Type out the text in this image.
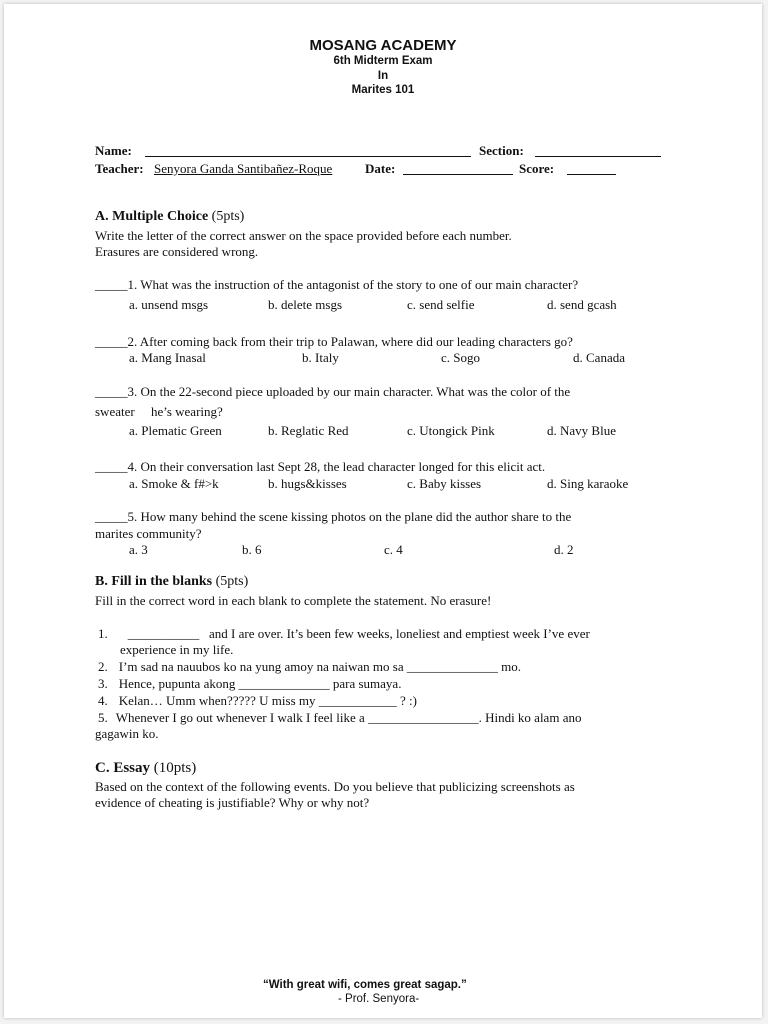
MOSANG ACADEMY
6th Midterm Exam
In
Marites 101
Name:	Section:
Teacher: Senyora Ganda Santibañez-Roque	Date:	Score:
A. Multiple Choice (5pts)
Write the letter of the correct answer on the space provided before each number.
Erasures are considered wrong.
_____1. What was the instruction of the antagonist of the story to one of our main character?
a. unsend msgs	b. delete msgs	c. send selfie	d. send gcash
_____2. After coming back from their trip to Palawan, where did our leading characters go?
a. Mang Inasal	b. Italy	c. Sogo	d. Canada
_____3. On the 22-second piece uploaded by our main character. What was the color of the
sweater     he’s wearing?
a. Plematic Green	b. Reglatic Red	c. Utongick Pink	d. Navy Blue
_____4. On their conversation last Sept 28, the lead character longed for this elicit act.
a. Smoke & f#>k	b. hugs&kisses	c. Baby kisses	d. Sing karaoke
_____5. How many behind the scene kissing photos on the plane did the author share to the
marites community?
a. 3	b. 6	c. 4	d. 2
B. Fill in the blanks (5pts)
Fill in the correct word in each blank to complete the statement. No erasure!
1. ___________ and I are over. It’s been few weeks, loneliest and emptiest week I’ve ever
experience in my life.
2. I’m sad na nauubos ko na yung amoy na naiwan mo sa ______________ mo.
3. Hence, pupunta akong ______________ para sumaya.
4. Kelan… Umm when????? U miss my ____________ ? :)
5. Whenever I go out whenever I walk I feel like a _________________. Hindi ko alam ano
gagawin ko.
C. Essay (10pts)
Based on the context of the following events. Do you believe that publicizing screenshots as
evidence of cheating is justifiable? Why or why not?
“With great wifi, comes great sagap.”
- Prof. Senyora-
